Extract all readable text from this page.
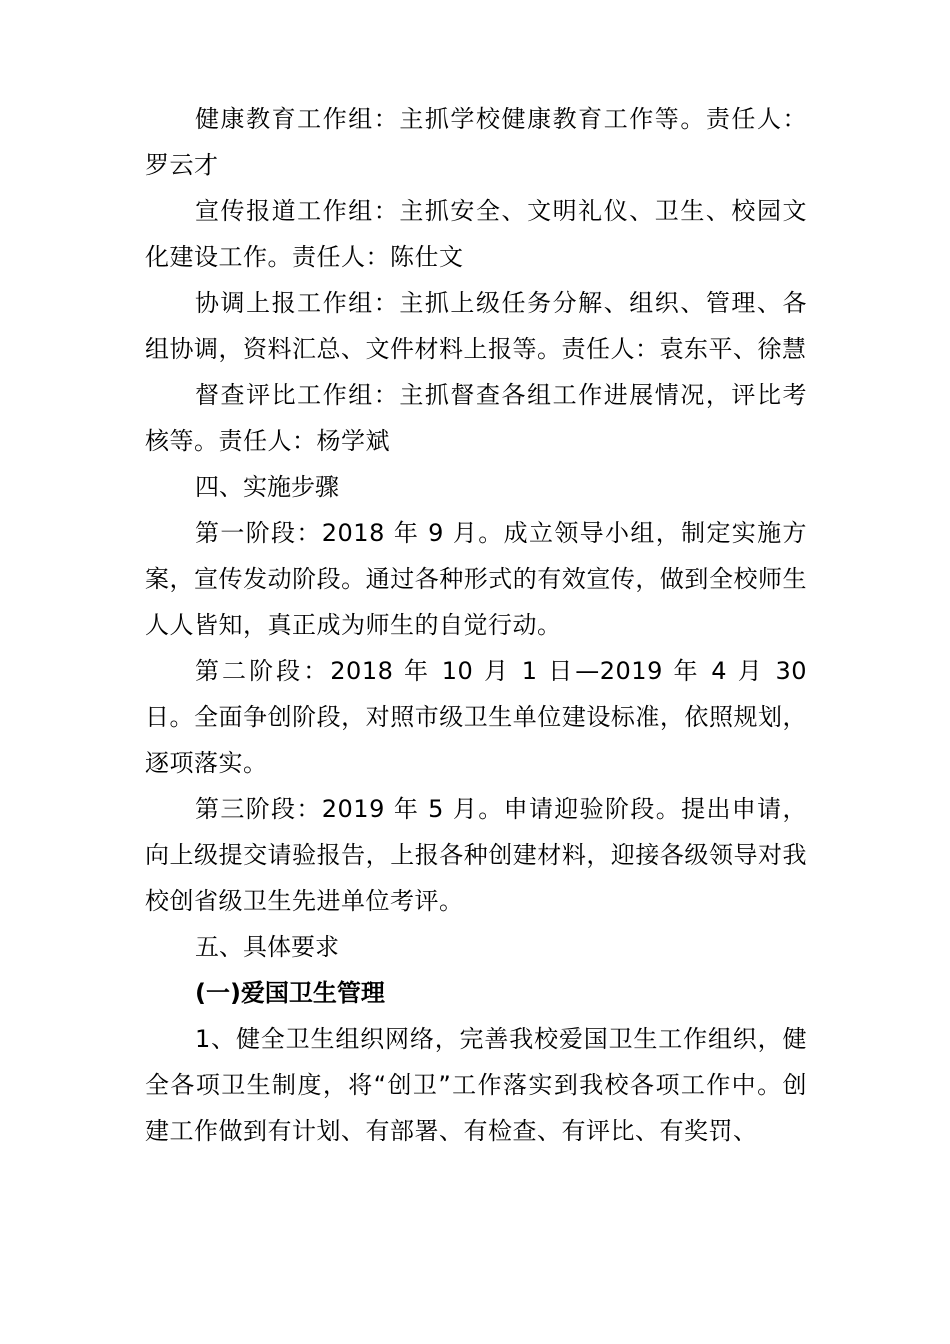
健康教育工作组：主抓学校健康教育工作等。责任人：罗云才

宣传报道工作组：主抓安全、文明礼仪、卫生、校园文化建设工作。责任人：陈仕文

协调上报工作组：主抓上级任务分解、组织、管理、各组协调，资料汇总、文件材料上报等。责任人：袁东平、徐慧

督查评比工作组：主抓督查各组工作进展情况，评比考核等。责任人：杨学斌

四、实施步骤

第一阶段：2018 年 9 月。成立领导小组，制定实施方案，宣传发动阶段。通过各种形式的有效宣传，做到全校师生人人皆知，真正成为师生的自觉行动。

第二阶段：2018 年 10 月 1 日—2019 年 4 月 30 日。全面争创阶段，对照市级卫生单位建设标准，依照规划，逐项落实。

第三阶段：2019 年 5 月。申请迎验阶段。提出申请，向上级提交请验报告，上报各种创建材料，迎接各级领导对我校创省级卫生先进单位考评。

五、具体要求

(一)爱国卫生管理

1、健全卫生组织网络，完善我校爱国卫生工作组织，健全各项卫生制度，将“创卫”工作落实到我校各项工作中。创建工作做到有计划、有部署、有检查、有评比、有奖罚、
